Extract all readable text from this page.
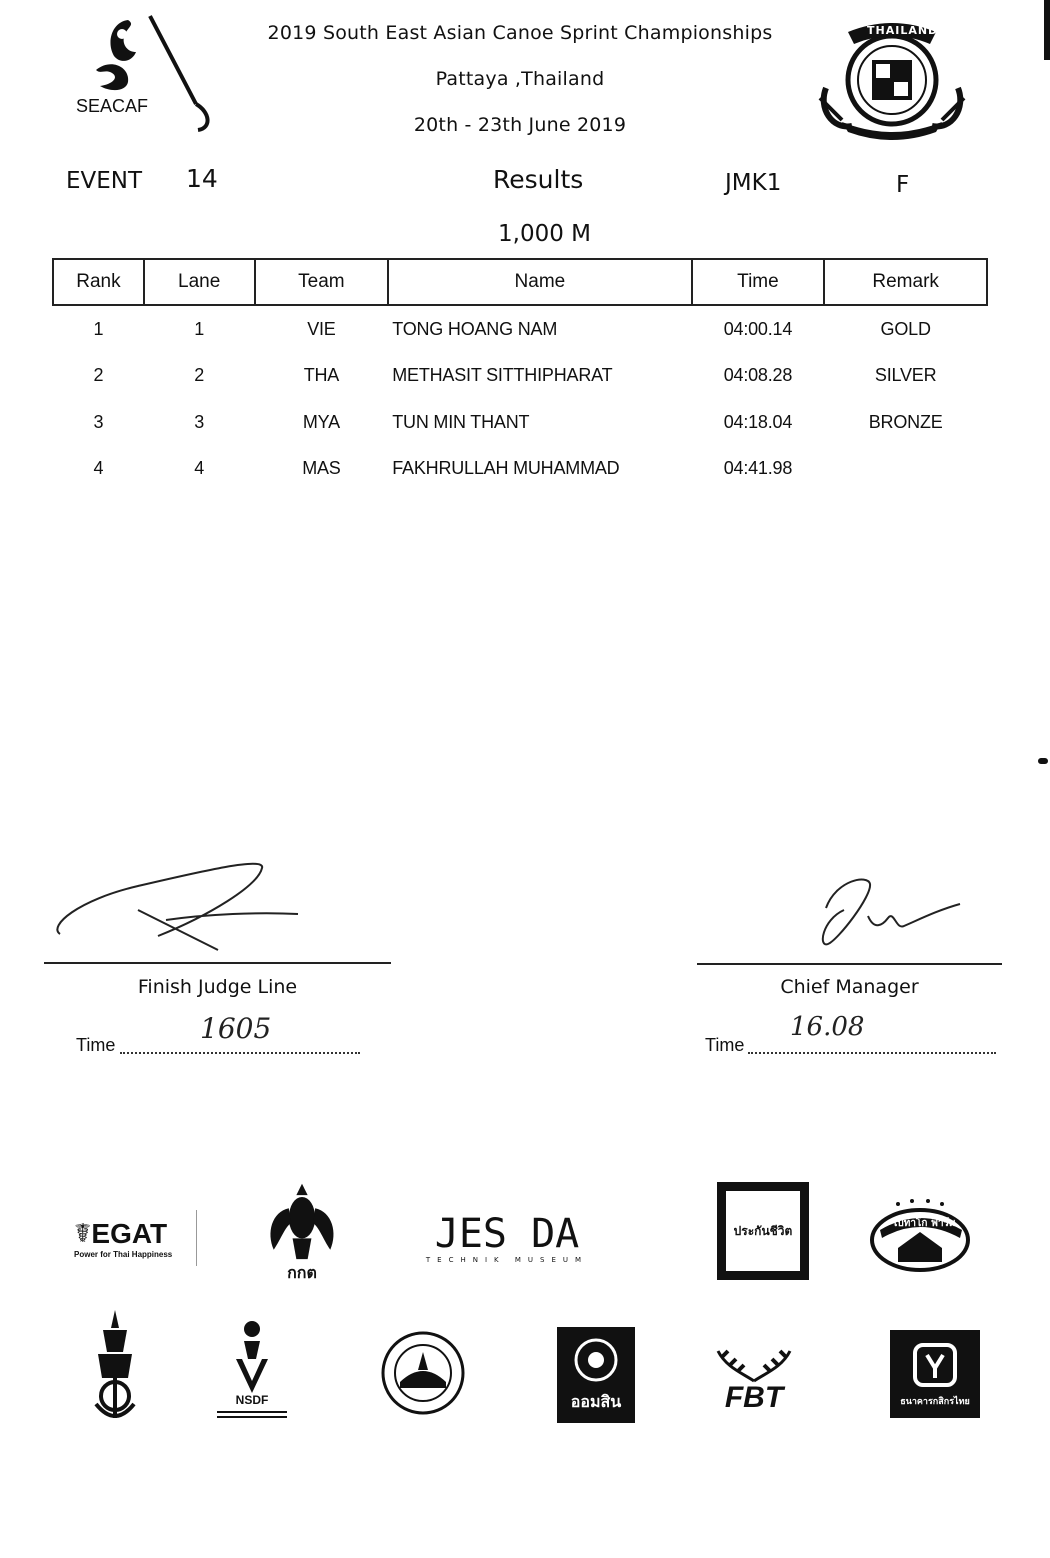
SEACAF
2019 South East Asian Canoe Sprint Championships
Pattaya ,Thailand
20th - 23th June 2019
THAILAND
EVENT 14	Results	JMK1	F
1,000 M
Rank	Lane	Team	Name	Time	Remark
1	1	VIE	TONG HOANG NAM	04:00.14	GOLD
2	2	THA	METHASIT SITTHIPHARAT	04:08.28	SILVER
3	3	MYA	TUN MIN THANT	04:18.04	BRONZE
4	4	MAS	FAKHRULLAH MUHAMMAD	04:41.98	
Finish Judge Line
Time	1605
Chief Manager
Time
16.08
☤ EGAT
Power for Thai Happiness
กกต
JES DA
TECHNIK MUSEUM
ประกันชีวิต	เบทาโก ฟาร์ม
NSDF	ออมสิน	FBT	ธนาคารกสิกรไทย
